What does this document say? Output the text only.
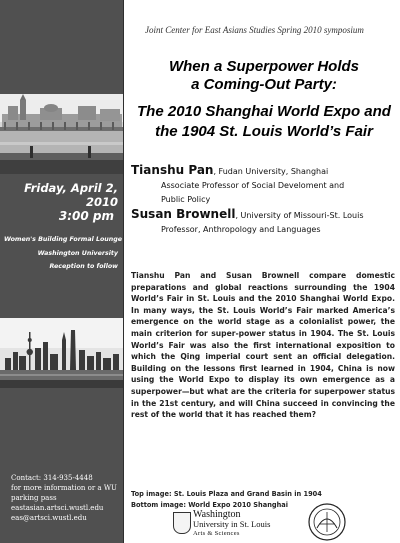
Friday, April 2, 2010
3:00 pm
Women's Building Formal Lounge
Washington University
Reception to follow
Contact: 314-935-4448
for more information or a WU
parking pass
eastasian.artsci.wustl.edu
eas@artsci.wustl.edu
Joint Center for East Asians Studies Spring 2010 symposium
When a Superpower Holds
a Coming-Out Party:
The 2010 Shanghai World Expo and
the 1904 St. Louis World’s Fair
Tianshu Pan, Fudan University, Shanghai
Associate Professor of Social Develoment and
Public Policy
Susan Brownell, University of Missouri-St. Louis
Professor, Anthropology and Languages
Tianshu Pan and Susan Brownell compare domestic preparations and global reactions surrounding the 1904 World’s Fair in St. Louis and the 2010 Shanghai World Expo. In many ways, the St. Louis World’s Fair marked America’s emergence on the world stage as a colonialist power, the main criterion for super-power status in 1904. The St. Louis World’s Fair was also the first international exposition to which the Qing imperial court sent an official delegation. Building on the lessons first learned in 1904, China is now using the World Expo to display its own emergence as a superpower—but what are the criteria for superpower status in the 21st century, and will China succeed in convincing the rest of the world that it has reached them?
Top image: St. Louis Plaza and Grand Basin in 1904
Bottom image: World Expo 2010 Shanghai
Washington
University in St. Louis
Arts & Sciences
